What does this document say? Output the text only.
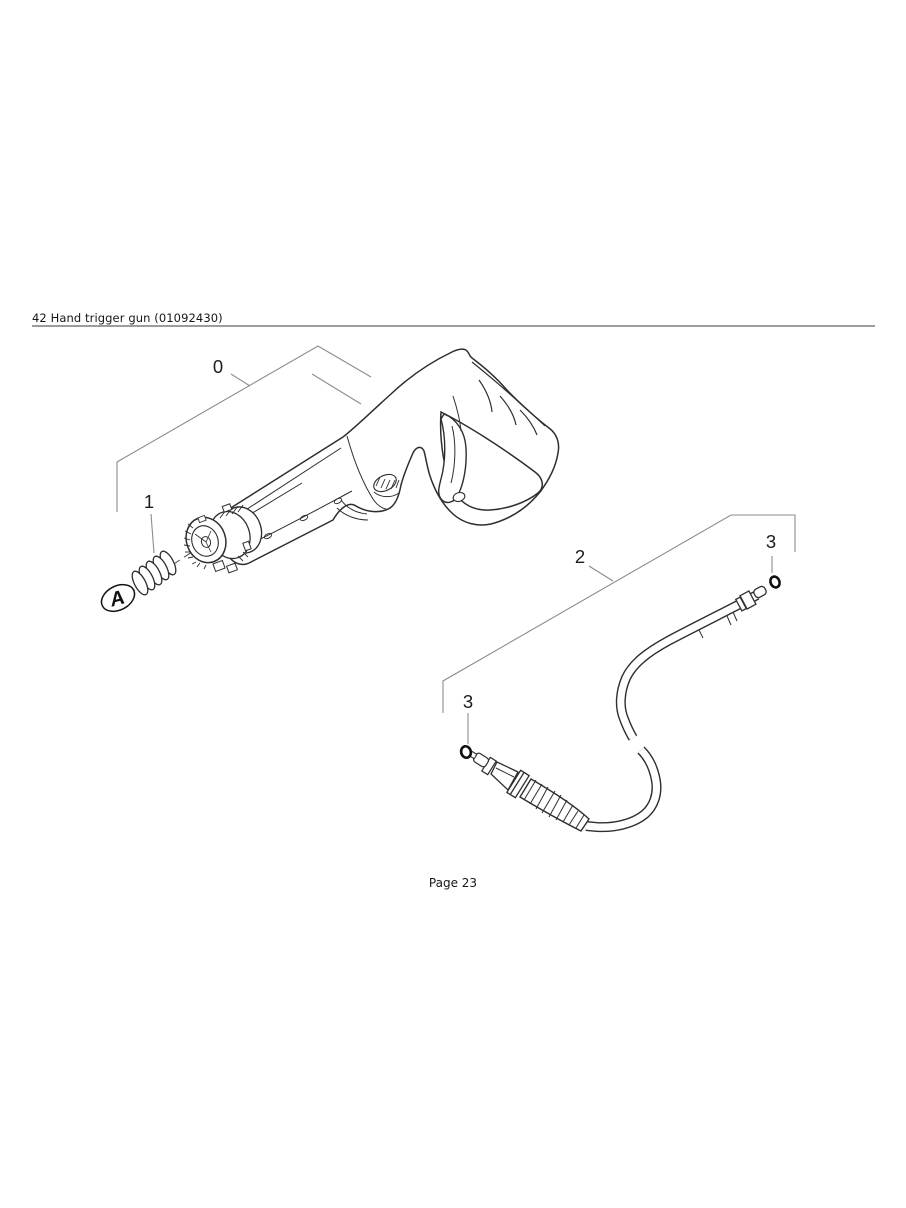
42 Hand trigger gun (01092430)
A
0
1
2
3
3
Page 23
